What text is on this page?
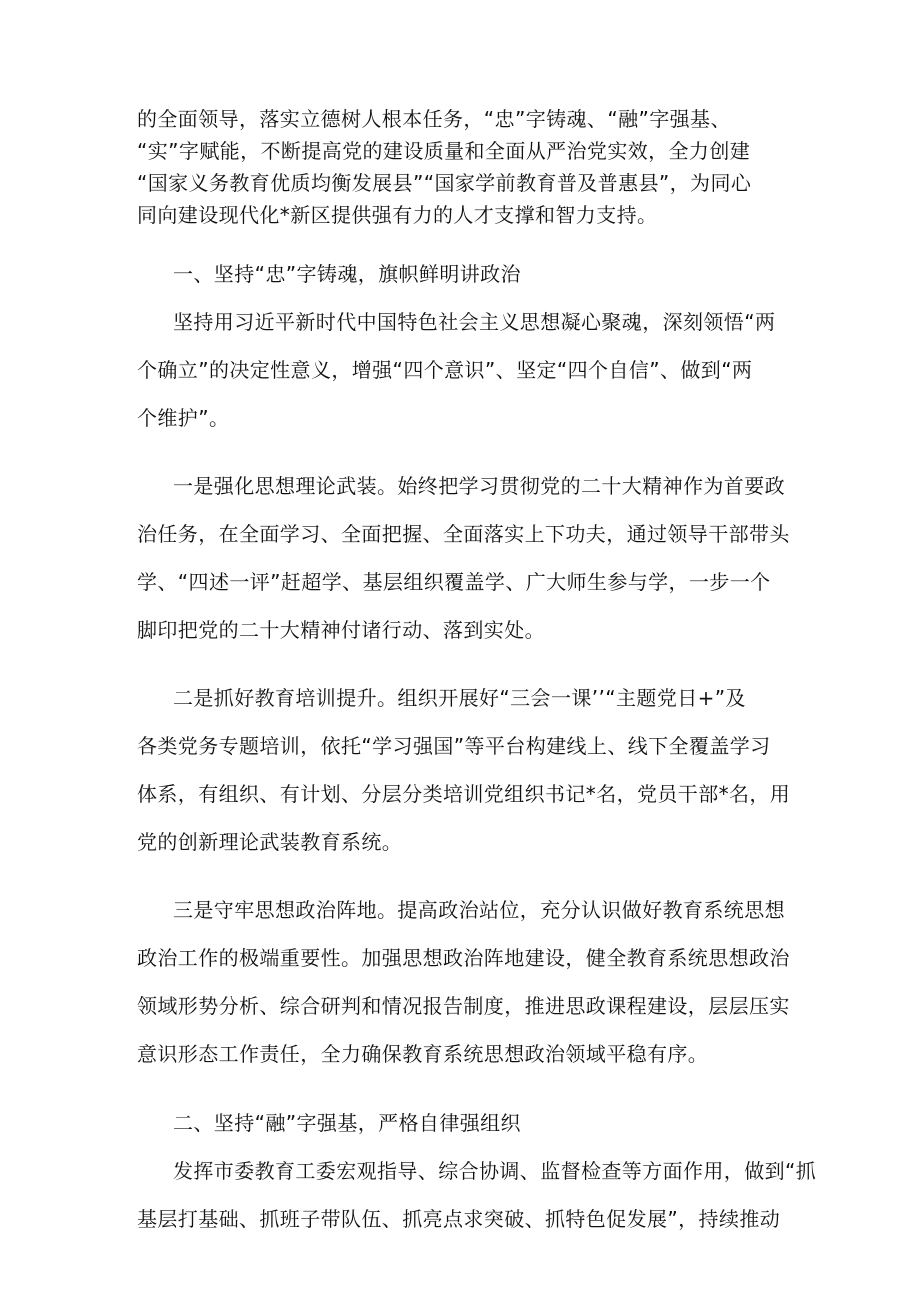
的全面领导，落实立德树人根本任务，“忠”字铸魂、“融”字强基、
“实”字赋能，不断提高党的建设质量和全面从严治党实效，全力创建
“国家义务教育优质均衡发展县”“国家学前教育普及普惠县”，为同心
同向建设现代化*新区提供强有力的人才支撑和智力支持。

一、坚持“忠”字铸魂，旗帜鲜明讲政治

坚持用习近平新时代中国特色社会主义思想凝心聚魂，深刻领悟“两
个确立”的决定性意义，增强“四个意识”、坚定“四个自信”、做到“两
个维护”。

一是强化思想理论武装。始终把学习贯彻党的二十大精神作为首要政
治任务，在全面学习、全面把握、全面落实上下功夫，通过领导干部带头
学、“四述一评”赶超学、基层组织覆盖学、广大师生参与学，一步一个
脚印把党的二十大精神付诸行动、落到实处。

二是抓好教育培训提升。组织开展好“三会一课’’“主题党日+”及
各类党务专题培训，依托“学习强国”等平台构建线上、线下全覆盖学习
体系，有组织、有计划、分层分类培训党组织书记*名，党员干部*名，用
党的创新理论武装教育系统。

三是守牢思想政治阵地。提高政治站位，充分认识做好教育系统思想
政治工作的极端重要性。加强思想政治阵地建设，健全教育系统思想政治
领域形势分析、综合研判和情况报告制度，推进思政课程建设，层层压实
意识形态工作责任，全力确保教育系统思想政治领域平稳有序。

二、坚持“融”字强基，严格自律强组织

发挥市委教育工委宏观指导、综合协调、监督检查等方面作用，做到“抓
基层打基础、抓班子带队伍、抓亮点求突破、抓特色促发展”，持续推动
